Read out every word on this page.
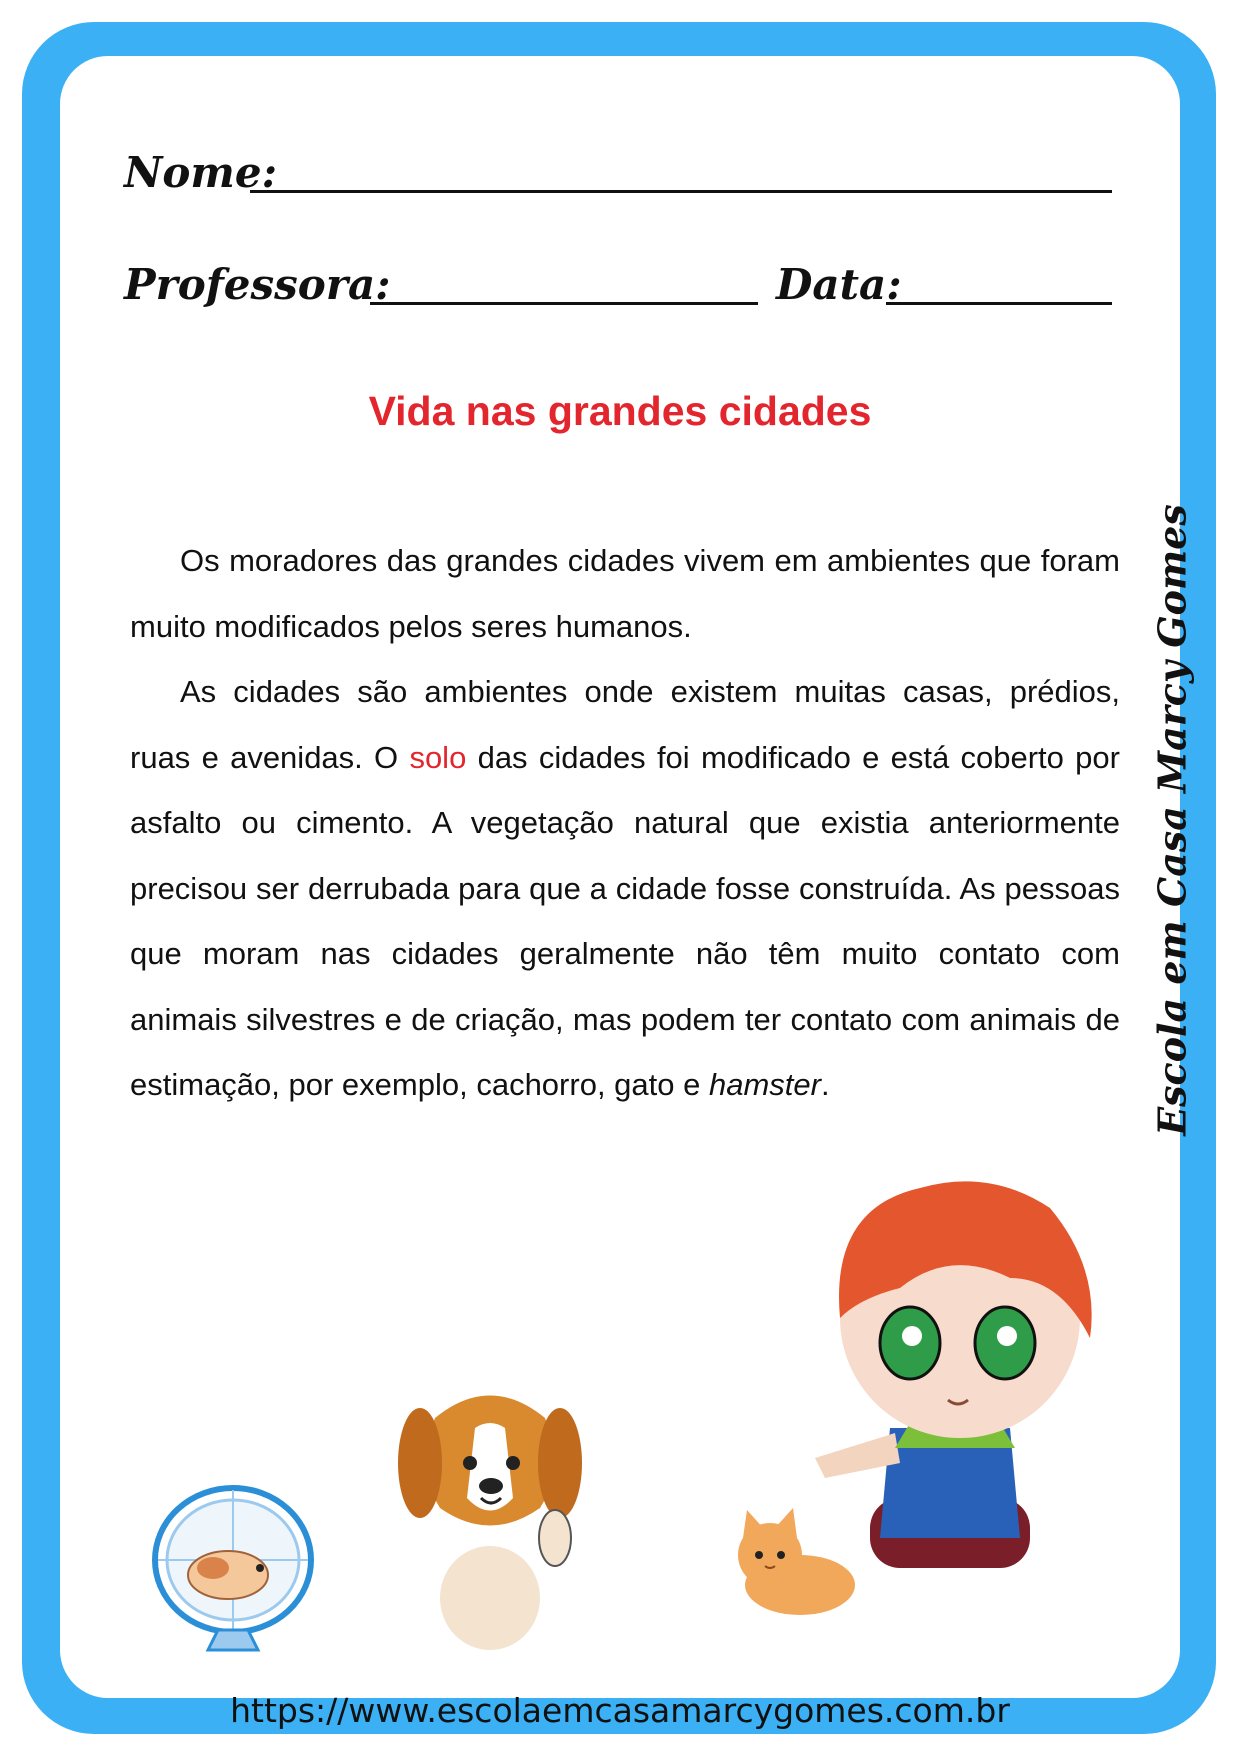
Nome:
Professora:	Data:
Vida nas grandes cidades

Os moradores das grandes cidades vivem em ambientes que foram muito modificados pelos seres humanos.

As cidades são ambientes onde existem muitas casas, prédios, ruas e avenidas. O solo das cidades foi modificado e está coberto por asfalto ou cimento. A vegetação natural que existia anteriormente precisou ser derrubada para que a cidade fosse construída. As pessoas que moram nas cidades geralmente não têm muito contato com animais silvestres e de criação, mas podem ter contato com animais de estimação, por exemplo, cachorro, gato e hamster.	Escola em Casa Marcy Gomes
https://www.escolaemcasamarcygomes.com.br
